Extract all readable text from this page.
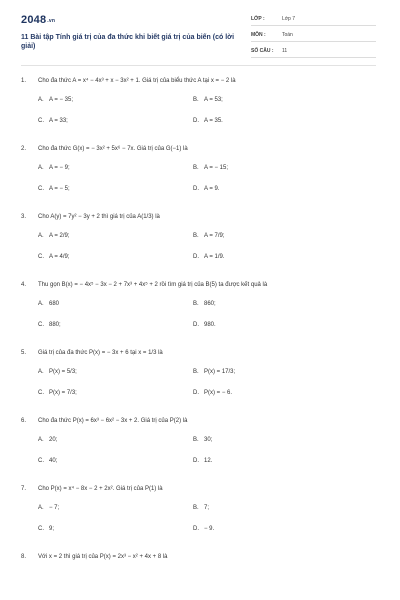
2048.vn
11 Bài tập Tính giá trị của đa thức khi biết giá trị của biến (có lời giải)
LỚP :	Lớp 7
MÔN :	Toán
SỐ CÂU : 11
1.	Cho đa thức A = x⁴ − 4x³ + x − 3x² + 1. Giá trị của biểu thức A tại x = − 2 là
A. A = − 35;	B. A = 53;
C. A = 33;	D. A = 35.
2.	Cho đa thức G(x) = − 3x² + 5x⁶ − 7x. Giá trị của G(−1) là
A. A = − 9;	B. A = − 15;
C. A = − 5;	D. A = 9.
3.	Cho A(y) = 7y² − 3y + 2 thì giá trị của A(1/3) là
A. A = 2/9;	B. A = 7/9;
C. A = 4/9;	D. A = 1/9.
4.	Thu gọn B(x) = − 4x⁵ − 3x − 2 + 7x³ + 4x⁵ + 2 rồi tìm giá trị của B(5) ta được kết quả là
A. 680	B. 860;
C. 880;	D. 980.
5.	Giá trị của đa thức P(x) = − 3x + 6 tại x = 1/3 là
A. P(x) = 5/3;	B. P(x) = 17/3;
C. P(x) = 7/3;	D. P(x) = − 6.
6.	Cho đa thức P(x) = 6x³ − 6x² − 3x + 2. Giá trị của P(2) là
A. 20;	B. 30;
C. 40;	D. 12.
7.	Cho P(x) = x⁴ − 8x − 2 + 2x². Giá trị của P(1) là
A. − 7;	B. 7;
C. 9;	D. − 9.
8.	Với x = 2 thì giá trị của P(x) = 2x³ − x² + 4x + 8 là
